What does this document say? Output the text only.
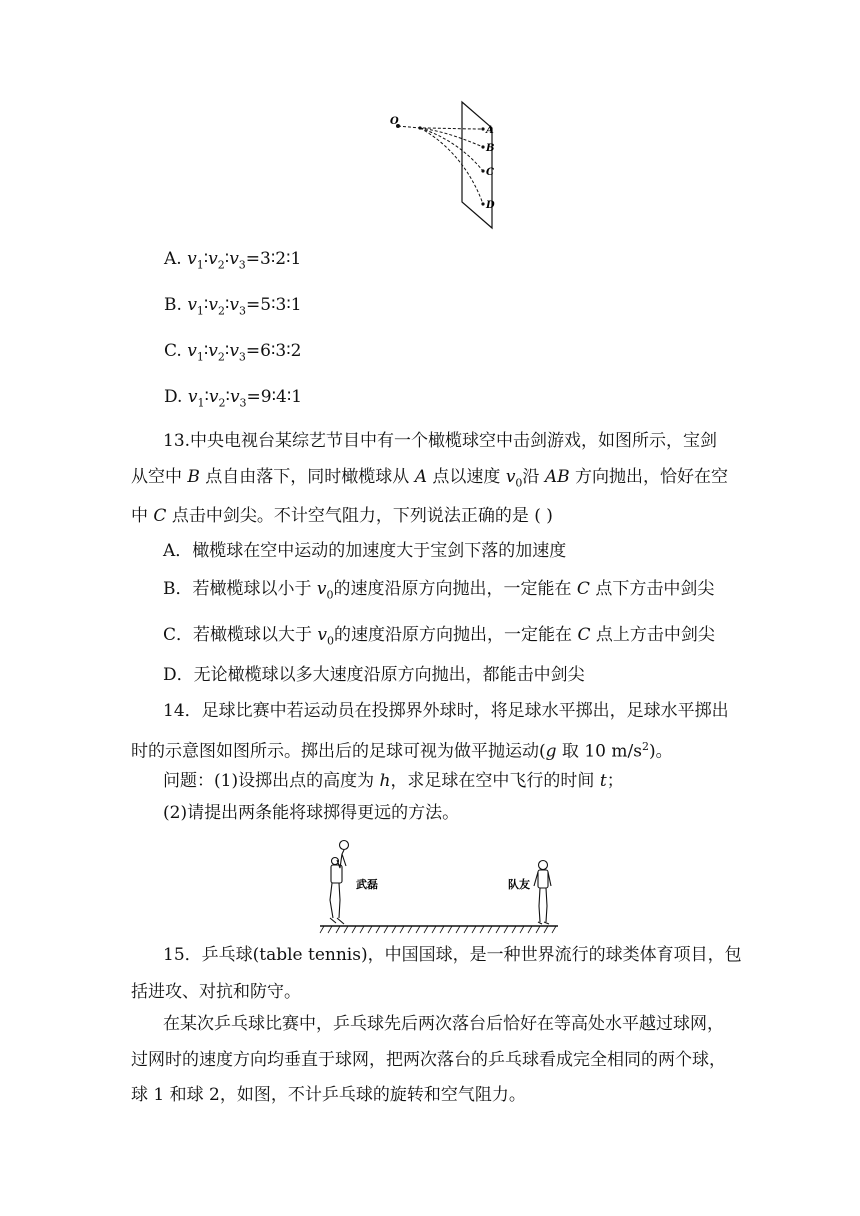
O
A
B
C
D
A. $v_1∶v_2∶v_3=3∶2∶1$
B. $v_1∶v_2∶v_3=5∶3∶1$
C. $v_1∶v_2∶v_3=6∶3∶2$
D. $v_1∶v_2∶v_3=9∶4∶1$
13.中央电视台某综艺节目中有一个橄榄球空中击剑游戏，如图所示，宝剑
从空中 B 点自由落下，同时橄榄球从 A 点以速度 $v_0$沿 AB 方向抛出，恰好在空
中 C 点击中剑尖。不计空气阻力，下列说法正确的是 ( )
A．橄榄球在空中运动的加速度大于宝剑下落的加速度
B．若橄榄球以小于 $v_0$的速度沿原方向抛出，一定能在 C 点下方击中剑尖
C．若橄榄球以大于 $v_0$的速度沿原方向抛出，一定能在 C 点上方击中剑尖
D．无论橄榄球以多大速度沿原方向抛出，都能击中剑尖
14．足球比赛中若运动员在投掷界外球时，将足球水平掷出，足球水平掷出
时的示意图如图所示。掷出后的足球可视为做平抛运动(g 取 10 $m/s^2$)。
问题：(1)设掷出点的高度为 h，求足球在空中飞行的时间 t；
(2)请提出两条能将球掷得更远的方法。
武磊	队友
15．乒乓球(table tennis)，中国国球，是一种世界流行的球类体育项目，包
括进攻、对抗和防守。
在某次乒乓球比赛中，乒乓球先后两次落台后恰好在等高处水平越过球网，
过网时的速度方向均垂直于球网，把两次落台的乒乓球看成完全相同的两个球，
球 1 和球 2，如图，不计乒乓球的旋转和空气阻力。
